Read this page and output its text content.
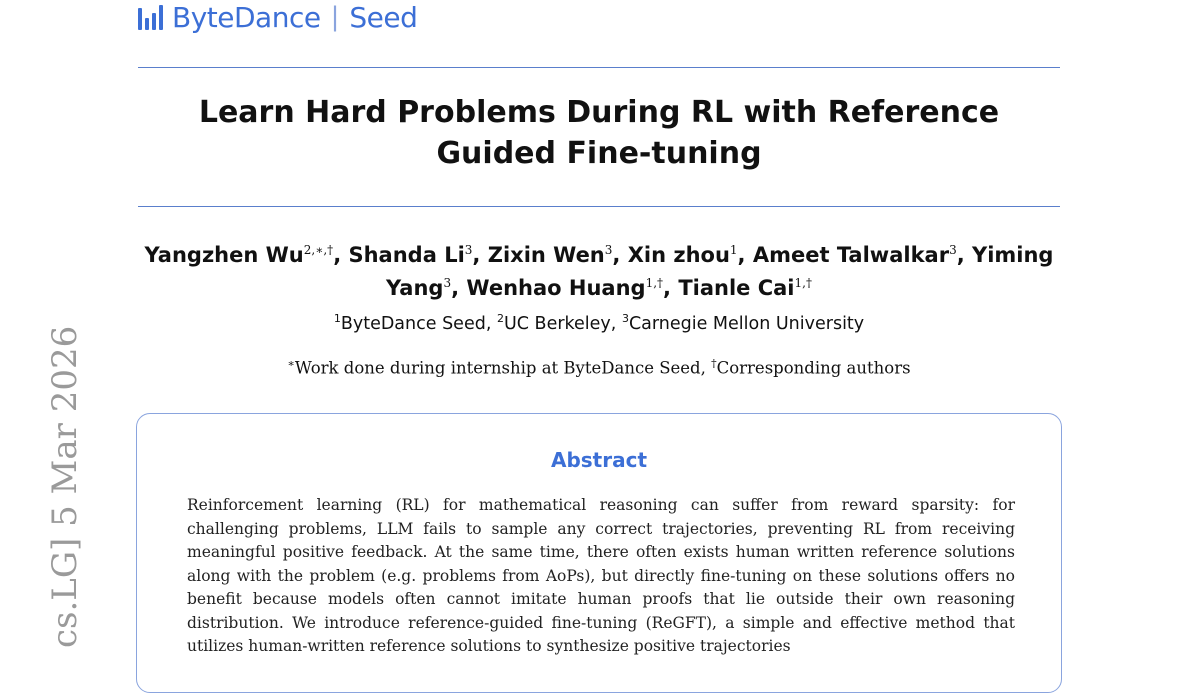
ByteDance | Seed
Learn Hard Problems During RL with Reference Guided Fine-tuning
Yangzhen $Wu^{2,∗,\dagger}$, Shanda Li$^3$, Zixin Wen$^3$, Xin zhou$^1$, Ameet Talwalkar$^3$, Yiming Yang$^3$, Wenhao Huang$^{1,\dagger}$, Tianle Cai$^{1,\dagger}$
$^1$ByteDance Seed, $^2$UC Berkeley, $^3$Carnegie Mellon University
∗Work done during internship at ByteDance Seed, †Corresponding authors
Abstract
Reinforcement learning (RL) for mathematical reasoning can suffer from reward sparsity: for challenging problems, LLM fails to sample any correct trajectories, preventing RL from receiving meaningful positive feedback. At the same time, there often exists human written reference solutions along with the problem (e.g. problems from AoPs), but directly fine-tuning on these solutions offers no benefit because models often cannot imitate human proofs that lie outside their own reasoning distribution. We introduce reference-guided fine-tuning (ReGFT), a simple and effective method that utilizes human-written reference solutions to synthesize positive trajectories
cs.LG] 5 Mar 2026
